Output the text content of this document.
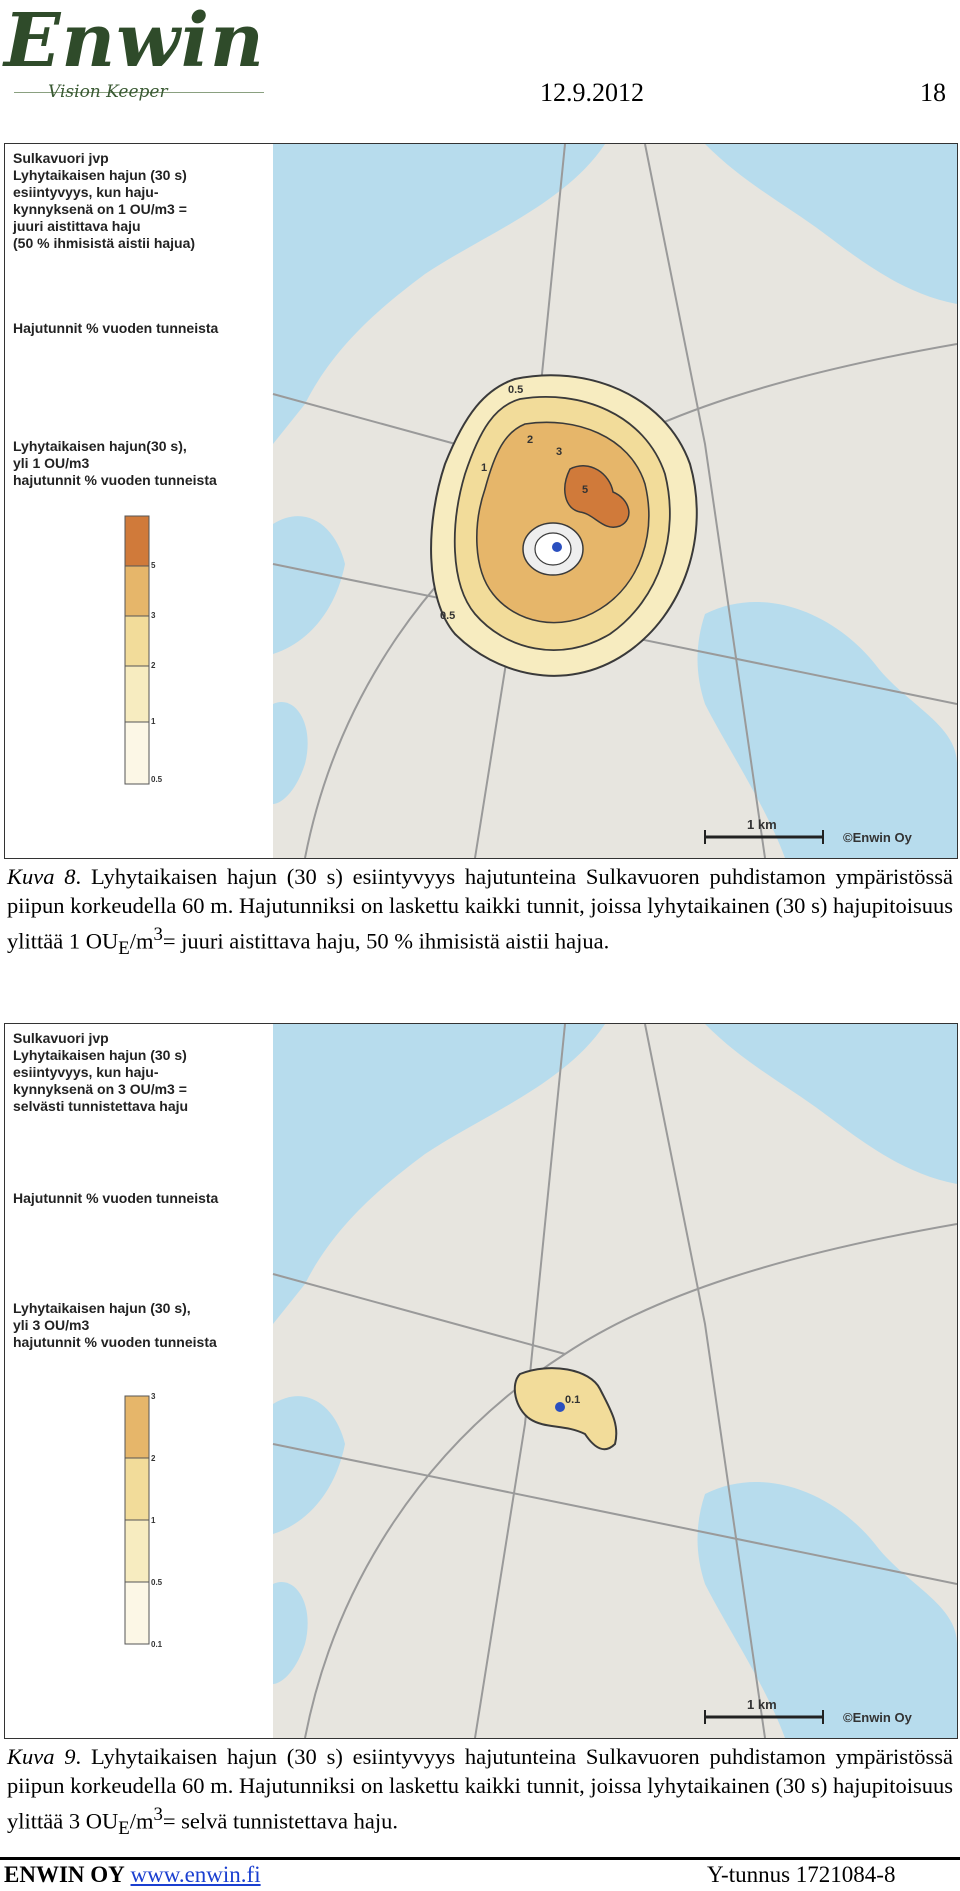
Enwin
Vision Keeper	12.9.2012	18
Sulkavuori jvp
Lyhytaikaisen hajun (30 s)
esiintyvyys, kun haju-
kynnyksenä on 1 OU/m3 =
juuri aistittava haju
(50 % ihmisistä aistii hajua)
Hajutunnit % vuoden tunneista
Lyhytaikaisen hajun(30 s),
yli 1 OU/m3
hajutunnit % vuoden tunneista
5
3
2
1
0.5
0.5
1
2
3
5
0.5
1 km
©Enwin Oy
Kuva 8. Lyhytaikaisen hajun (30 s) esiintyvyys hajutunteina Sulkavuoren puhdistamon ympäristössä piipun korkeudella 60 m. Hajutunniksi on laskettu kaikki tunnit, joissa lyhytaikainen (30 s) hajupitoisuus ylittää 1 $OU_E/m^3=$ juuri aistittava haju, 50 % ihmisistä aistii hajua.
Sulkavuori jvp
Lyhytaikaisen hajun (30 s)
esiintyvyys, kun haju-
kynnyksenä on 3 OU/m3 =
selvästi tunnistettava haju
Hajutunnit % vuoden tunneista
Lyhytaikaisen hajun (30 s),
yli 3 OU/m3
hajutunnit % vuoden tunneista
3
2
1
0.5
0.1
0.1
1 km
©Enwin Oy
Kuva 9. Lyhytaikaisen hajun (30 s) esiintyvyys hajutunteina Sulkavuoren puhdistamon ympäristössä piipun korkeudella 60 m. Hajutunniksi on laskettu kaikki tunnit, joissa lyhytaikainen (30 s) hajupitoisuus ylittää 3 $OU_E/m^3=$ selvä tunnistettava haju.
ENWIN OY www.enwin.fi	Y-tunnus 1721084-8
